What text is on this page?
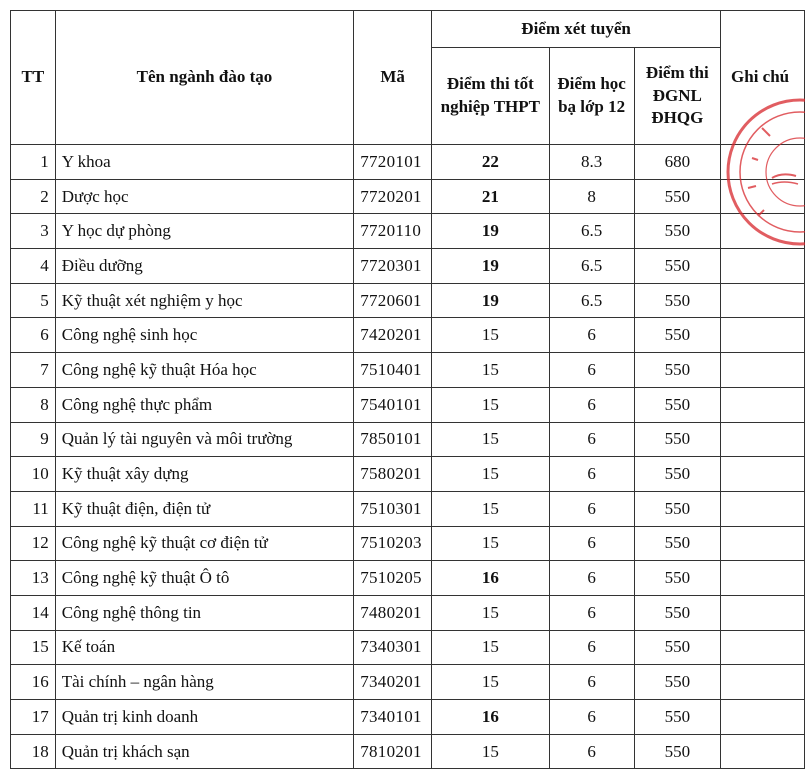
TT	Tên ngành đào tạo	Mã	Điểm xét tuyển			Ghi chú
			Điểm thi tốt nghiệp THPT	Điểm học bạ lớp 12	Điểm thi ĐGNL ĐHQG	
1	Y khoa	7720101	22	8.3	680	
2	Dược học	7720201	21	8	550	
3	Y học dự phòng	7720110	19	6.5	550	
4	Điều dưỡng	7720301	19	6.5	550	
5	Kỹ thuật xét nghiệm y học	7720601	19	6.5	550	
6	Công nghệ sinh học	7420201	15	6	550	
7	Công nghệ kỹ thuật Hóa học	7510401	15	6	550	
8	Công nghệ thực phẩm	7540101	15	6	550	
9	Quản lý tài nguyên và môi trường	7850101	15	6	550	
10	Kỹ thuật xây dựng	7580201	15	6	550	
11	Kỹ thuật điện, điện tử	7510301	15	6	550	
12	Công nghệ kỹ thuật cơ điện tử	7510203	15	6	550	
13	Công nghệ kỹ thuật Ô tô	7510205	16	6	550	
14	Công nghệ thông tin	7480201	15	6	550	
15	Kế toán	7340301	15	6	550	
16	Tài chính – ngân hàng	7340201	15	6	550	
17	Quản trị kinh doanh	7340101	16	6	550	
18	Quản trị khách sạn	7810201	15	6	550	
